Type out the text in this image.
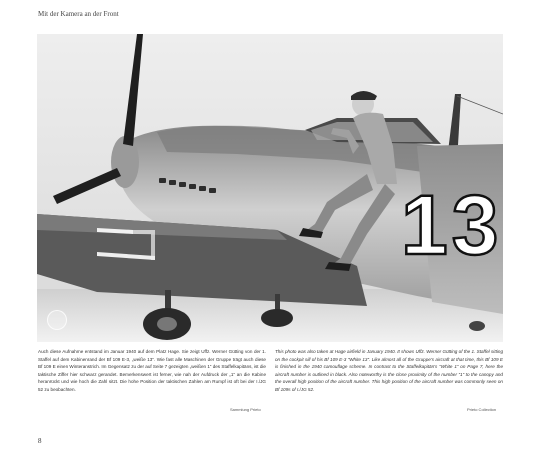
Mit der Kamera an der Front
13
Auch diese Aufnahme entstand im Januar 1940 auf dem Platz Hage. Sie zeigt Uffz. Werner Gütting von der 1. Staffel auf dem Kabinenrand der Bf 109 E-3, „weiße 13“. Wie fast alle Maschinen der Gruppe trägt auch diese Bf 109 E einen Winteranstrich. Im Gegensatz zu der auf Seite 7 gezeigten „weißen 1“ des Staffelkapitäns, ist die taktische Ziffer hier schwarz gerandet. Bemerkenswert ist ferner, wie nah der Aufdruck der „1“ an die Kabine heranrückt und wie hoch die Zahl sitzt. Die hohe Position der taktischen Zahlen am Rumpf ist oft bei der I./JG 52 zu beobachten.
This photo was also taken at Hage airfield in January 1940. It shows Uffz. Werner Gütting of the 1. Staffel sitting on the cockpit sill of his Bf 109 E-3 “White 13”. Like almost all of the Gruppe's aircraft at that time, this Bf 109 E is finished in the 1940 camouflage scheme. In contrast to the Staffelkapitän's “White 1” on Page 7, here the aircraft number is outlined in black. Also noteworthy is the close proximity of the number “1” to the canopy and the overall high position of the aircraft number. This high position of the aircraft number was commonly seen on Bf 109s of I./JG 52.
Sammlung Prieto	Prieto Collection
8
